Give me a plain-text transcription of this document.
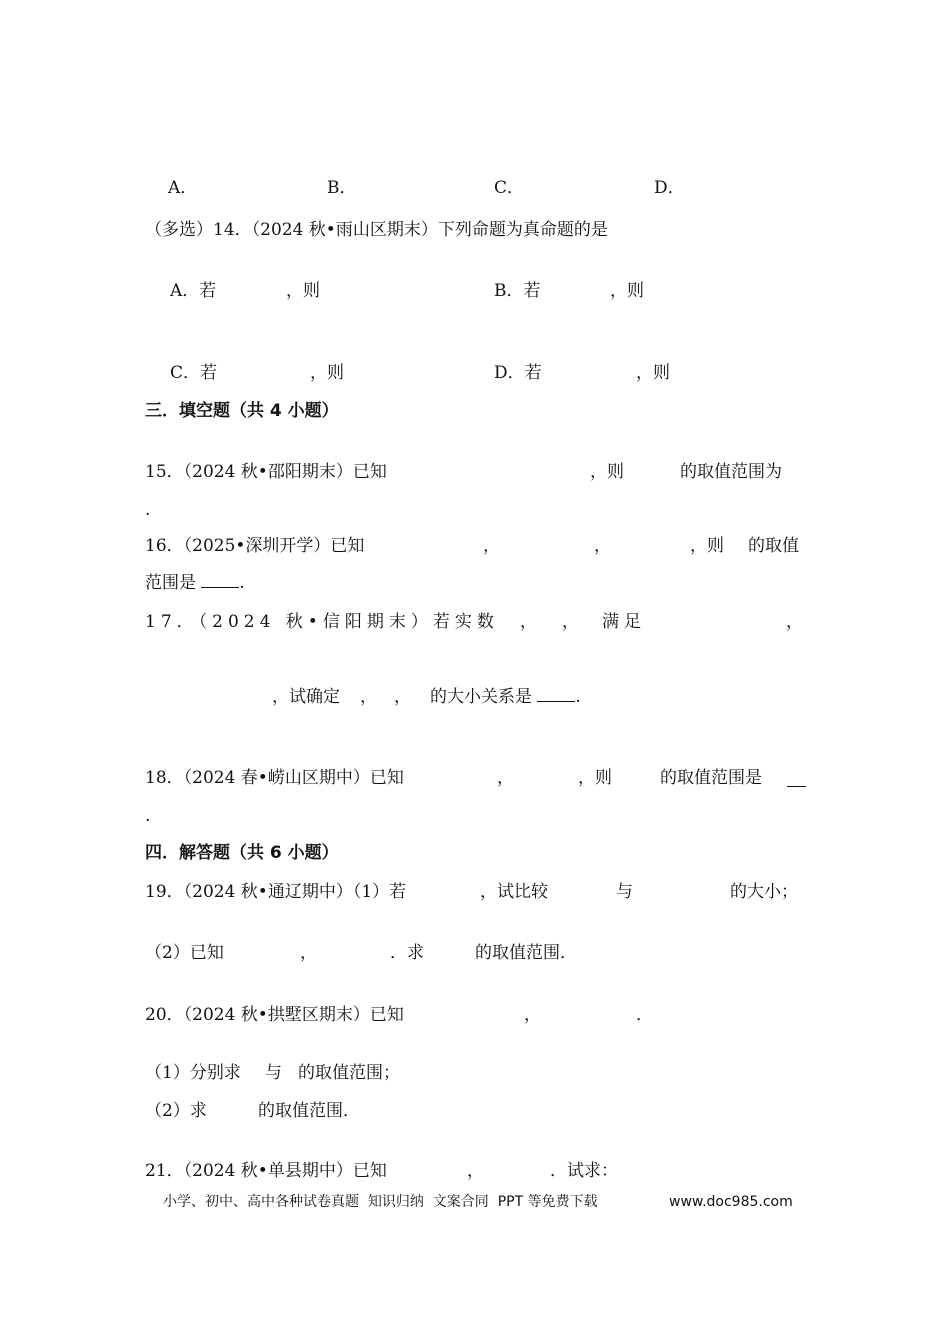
A．	B．	C．	D．
（多选）14．（2024 秋•雨山区期末）下列命题为真命题的是
A．若	，则	B．若	，则
C．若	，则	D．若	，则
三．填空题（共 4 小题）
15．（2024 秋•邵阳期末）已知	，则	的取值范围为
.
16．（2025•深圳开学）已知	，	，	，则 的取值
范围是	.
17．（2024 秋•信阳期末）若实数 ， ， 满足	，
，试确定 ， ， 的大小关系是	.
18．（2024 春•崂山区期中）已知	，	，则	的取值范围是
.
四．解答题（共 6 小题）
19．（2024 秋•通辽期中）（1）若	，试比较	与	的大小；
（2）已知	，	．求	的取值范围．
20．（2024 秋•拱墅区期末）已知	，	．
（1）分别求 与 的取值范围；
（2）求	的取值范围．
21．（2024 秋•单县期中）已知	，	．试求：
小学、初中、高中各种试卷真题  知识归纳  文案合同  PPT 等免费下载	www.doc985.com
